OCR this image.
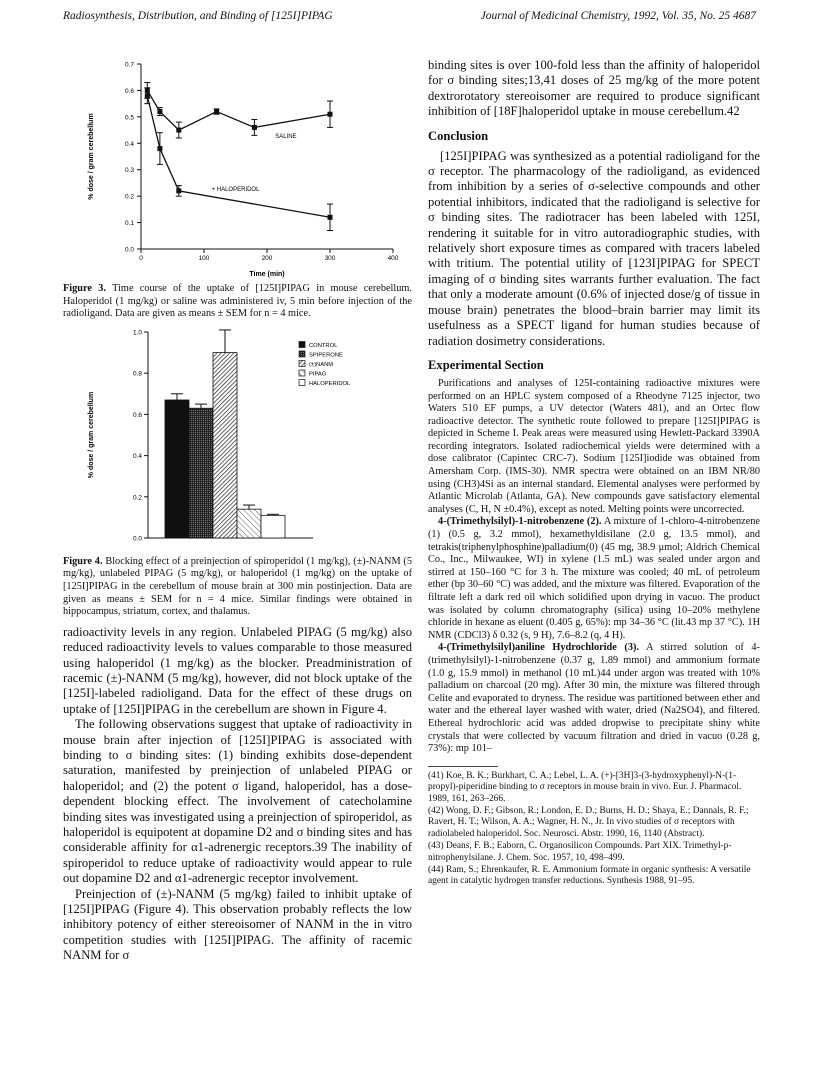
Radiosynthesis, Distribution, and Binding of [125I]PIPAG	Journal of Medicinal Chemistry, 1992, Vol. 35, No. 25 4687
0.0
0.1
0.2
0.3
0.4
0.5
0.6
0.7
0	100	200	300	400
Time (min)
% dose / gram cerebellum	SALINE
+ HALOPERIDOL

Figure 3. Time course of the uptake of [125I]PIPAG in mouse cerebellum. Haloperidol (1 mg/kg) or saline was administered iv, 5 min before injection of the radioligand. Data are given as means ± SEM for n = 4 mice.

0.0
0.2
0.4
0.6
0.8
1.0
% dose / gram cerebellum
CONTROL
SPIPERONE
(±)NANM
PIPAG
HALOPERIDOL

Figure 4. Blocking effect of a preinjection of spiroperidol (1 mg/kg), (±)-NANM (5 mg/kg), unlabeled PIPAG (5 mg/kg), or haloperidol (1 mg/kg) on the uptake of [125I]PIPAG in the cerebellum of mouse brain at 300 min postinjection. Data are given as means ± SEM for n = 4 mice. Similar findings were obtained in hippocampus, striatum, cortex, and thalamus.

radioactivity levels in any region. Unlabeled PIPAG (5 mg/kg) also reduced radioactivity levels to values comparable to those measured using haloperidol (1 mg/kg) as the blocker. Preadministration of racemic (±)-NANM (5 mg/kg), however, did not block uptake of the [125I]-labeled radioligand. Data for the effect of these drugs on uptake of [125I]PIPAG in the cerebellum are shown in Figure 4.

The following observations suggest that uptake of radioactivity in mouse brain after injection of [125I]PIPAG is associated with binding to σ binding sites: (1) binding exhibits dose-dependent saturation, manifested by preinjection of unlabeled PIPAG or haloperidol; and (2) the potent σ ligand, haloperidol, has a dose-dependent blocking effect. The involvement of catecholamine binding sites was investigated using a preinjection of spiroperidol, as haloperidol is equipotent at dopamine D2 and σ binding sites and has considerable affinity for α1-adrenergic receptors.39 The inability of spiroperidol to reduce uptake of radioactivity would appear to rule out dopamine D2 and α1-adrenergic receptor involvement.

Preinjection of (±)-NANM (5 mg/kg) failed to inhibit uptake of [125I]PIPAG (Figure 4). This observation probably reflects the low inhibitory potency of either stereoisomer of NANM in the in vitro competition studies with [125I]PIPAG. The affinity of racemic NANM for σ

binding sites is over 100-fold less than the affinity of haloperidol for σ binding sites;13,41 doses of 25 mg/kg of the more potent dextrorotatory stereoisomer are required to produce significant inhibition of [18F]haloperidol uptake in mouse cerebellum.42

Conclusion

[125I]PIPAG was synthesized as a potential radioligand for the σ receptor. The pharmacology of the radioligand, as evidenced from inhibition by a series of σ-selective compounds and other potential inhibitors, indicated that the radioligand is selective for σ binding sites. The radiotracer has been labeled with 125I, rendering it suitable for in vitro autoradiographic studies, with relatively short exposure times as compared with tracers labeled with tritium. The potential utility of [123I]PIPAG for SPECT imaging of σ binding sites warrants further evaluation. The fact that only a moderate amount (0.6% of injected dose/g of tissue in mouse brain) penetrates the blood–brain barrier may limit its usefulness as a SPECT ligand for human studies because of radiation dosimetry considerations.

Experimental Section

Purifications and analyses of 125I-containing radioactive mixtures were performed on an HPLC system composed of a Rheodyne 7125 injector, two Waters 510 EF pumps, a UV detector (Waters 481), and an Ortec flow radioactive detector. The synthetic route followed to prepare [125I]PIPAG is depicted in Scheme I. Peak areas were measured using Hewlett-Packard 3390A recording integrators. Isolated radiochemical yields were determined with a dose calibrator (Capintec CRC-7). Sodium [125I]iodide was obtained from Amersham Corp. (IMS-30). NMR spectra were obtained on an IBM NR/80 using (CH3)4Si as an internal standard. Elemental analyses were performed by Atlantic Microlab (Atlanta, GA). New compounds gave satisfactory elemental analyses (C, H, N ±0.4%), except as noted. Melting points were uncorrected.

4-(Trimethylsilyl)-1-nitrobenzene (2). A mixture of 1-chloro-4-nitrobenzene (1) (0.5 g, 3.2 mmol), hexamethyldisilane (2.0 g, 13.5 mmol), and tetrakis(triphenylphosphine)palladium(0) (45 mg, 38.9 μmol; Aldrich Chemical Co., Inc., Milwaukee, WI) in xylene (1.5 mL) was sealed under argon and stirred at 150–160 °C for 3 h. The mixture was cooled; 40 mL of petroleum ether (bp 30–60 °C) was added, and the mixture was filtered. Evaporation of the filtrate left a dark red oil which solidified upon drying in vacuo. The product was isolated by column chromatography (silica) using 10–20% methylene chloride in hexane as eluent (0.405 g, 65%): mp 34–36 °C (lit.43 mp 37 °C). 1H NMR (CDCl3) δ 0.32 (s, 9 H), 7.6–8.2 (q, 4 H).

4-(Trimethylsilyl)aniline Hydrochloride (3). A stirred solution of 4-(trimethylsilyl)-1-nitrobenzene (0.37 g, 1.89 mmol) and ammonium formate (1.0 g, 15.9 mmol) in methanol (10 mL)44 under argon was treated with 10% palladium on charcoal (20 mg). After 30 min, the mixture was filtered through Celite and evaporated to dryness. The residue was partitioned between ether and water and the ethereal layer washed with water, dried (Na2SO4), and filtered. Ethereal hydrochloric acid was added dropwise to precipitate shiny white crystals that were collected by vacuum filtration and dried in vacuo (0.28 g, 73%): mp 101–

(41) Koe, B. K.; Burkhart, C. A.; Lebel, L. A. (+)-[3H]3-(3-hydroxyphenyl)-N-(1-propyl)-piperidine binding to σ receptors in mouse brain in vivo. Eur. J. Pharmacol. 1989, 161, 263–266.

(42) Wong, D. F.; Gibson, R.; London, E. D.; Burns, H. D.; Shaya, E.; Dannals, R. F.; Ravert, H. T.; Wilson, A. A.; Wagner, H. N., Jr. In vivo studies of σ receptors with radiolabeled haloperidol. Soc. Neurosci. Abstr. 1990, 16, 1140 (Abstract).

(43) Deans, F. B.; Eaborn, C. Organosilicon Compounds. Part XIX. Trimethyl-p-nitrophenylsilane. J. Chem. Soc. 1957, 10, 498–499.

(44) Ram, S.; Ehrenkaufer, R. E. Ammonium formate in organic synthesis: A versatile agent in catalytic hydrogen transfer reductions. Synthesis 1988, 91–95.
